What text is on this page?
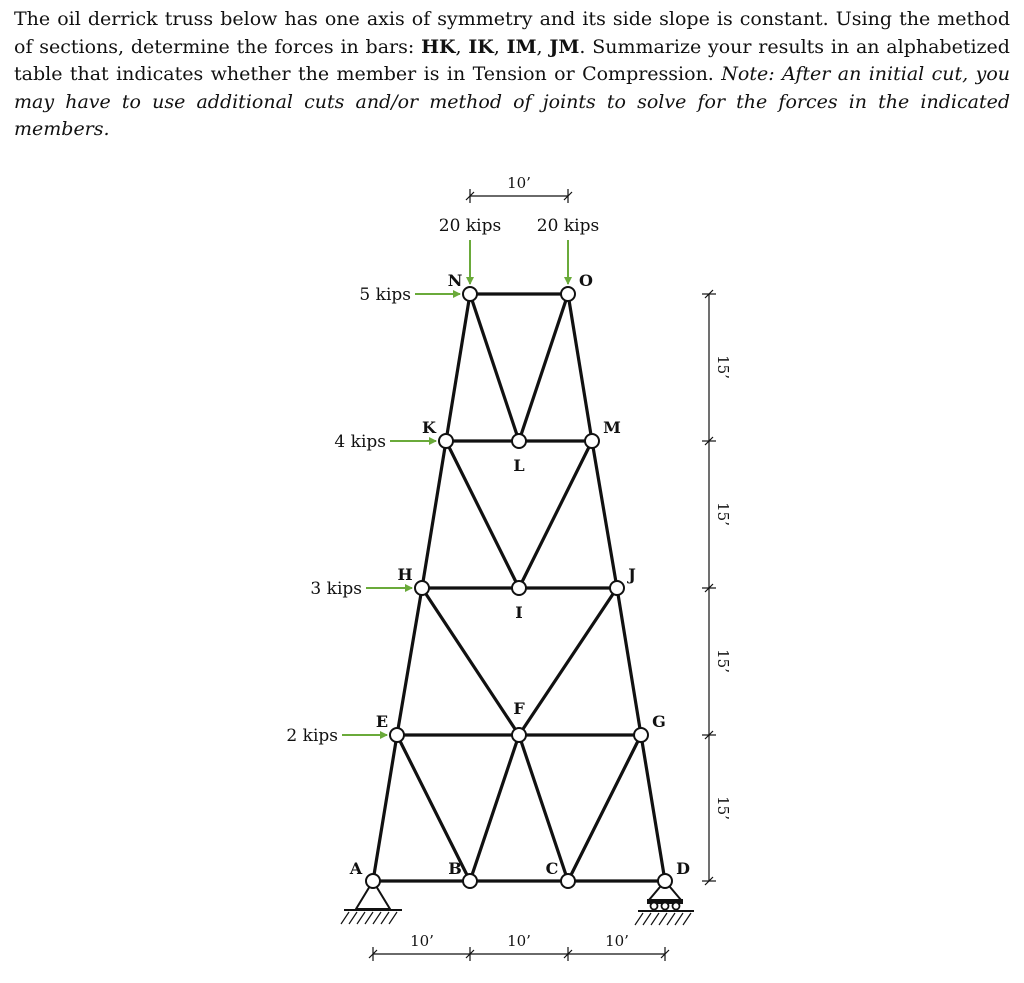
The oil derrick truss below has one axis of symmetry and its side slope is constant. Using the method of sections, determine the forces in bars: HK, IK, IM, JM. Summarize your results in an alphabetized table that indicates whether the member is in Tension or Compression. Note: After an initial cut, you may have to use additional cuts and/or method of joints to solve for the forces in the indicated members.

20 kips 20 kips
5 kips
4 kips
3 kips
2 kips
A	B	C	D
E
F
G
H
I
J
K
L
M
N	O
10’
10’	10’	10’
15’
15’
15’
15’
